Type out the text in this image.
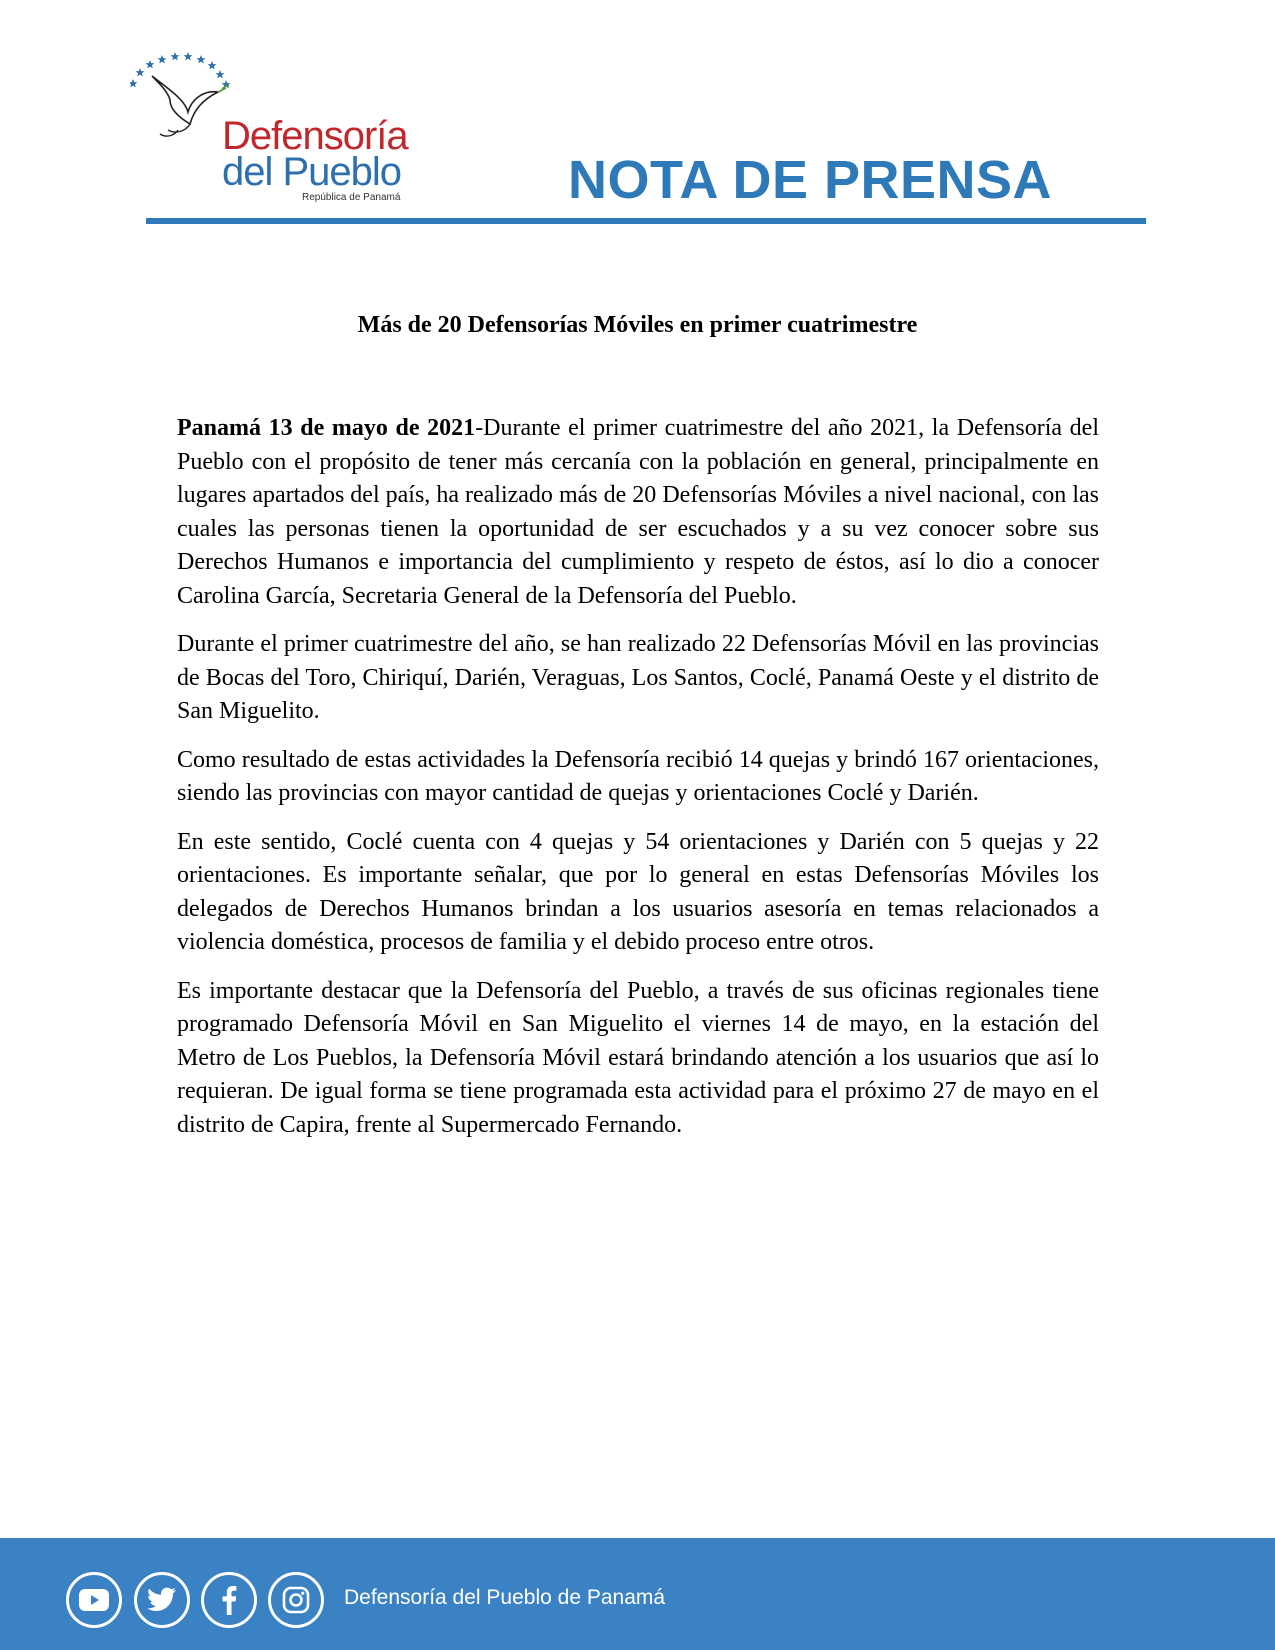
Defensoría
del Pueblo
República de Panamá	NOTA DE PRENSA
Más de 20 Defensorías Móviles en primer cuatrimestre

Panamá 13 de mayo de 2021-Durante el primer cuatrimestre del año 2021, la Defensoría del Pueblo con el propósito de tener más cercanía con la población en general, principalmente en lugares apartados del país, ha realizado más de 20 Defensorías Móviles a nivel nacional, con las cuales las personas tienen la oportunidad de ser escuchados y a su vez conocer sobre sus Derechos Humanos e importancia del cumplimiento y respeto de éstos, así lo dio a conocer Carolina García, Secretaria General de la Defensoría del Pueblo.

Durante el primer cuatrimestre del año, se han realizado 22 Defensorías Móvil en las provincias de Bocas del Toro, Chiriquí, Darién, Veraguas, Los Santos, Coclé, Panamá Oeste y el distrito de San Miguelito.

Como resultado de estas actividades la Defensoría recibió 14 quejas y brindó 167 orientaciones, siendo las provincias con mayor cantidad de quejas y orientaciones Coclé y Darién.

En este sentido, Coclé cuenta con 4 quejas y 54 orientaciones y Darién con 5 quejas y 22 orientaciones. Es importante señalar, que por lo general en estas Defensorías Móviles los delegados de Derechos Humanos brindan a los usuarios asesoría en temas relacionados a violencia doméstica, procesos de familia y el debido proceso entre otros.

Es importante destacar que la Defensoría del Pueblo, a través de sus oficinas regionales tiene programado Defensoría Móvil en San Miguelito el viernes 14 de mayo, en la estación del Metro de Los Pueblos, la Defensoría Móvil estará brindando atención a los usuarios que así lo requieran. De igual forma se tiene programada esta actividad para el próximo 27 de mayo en el distrito de Capira, frente al Supermercado Fernando.

Defensoría del Pueblo de Panamá
